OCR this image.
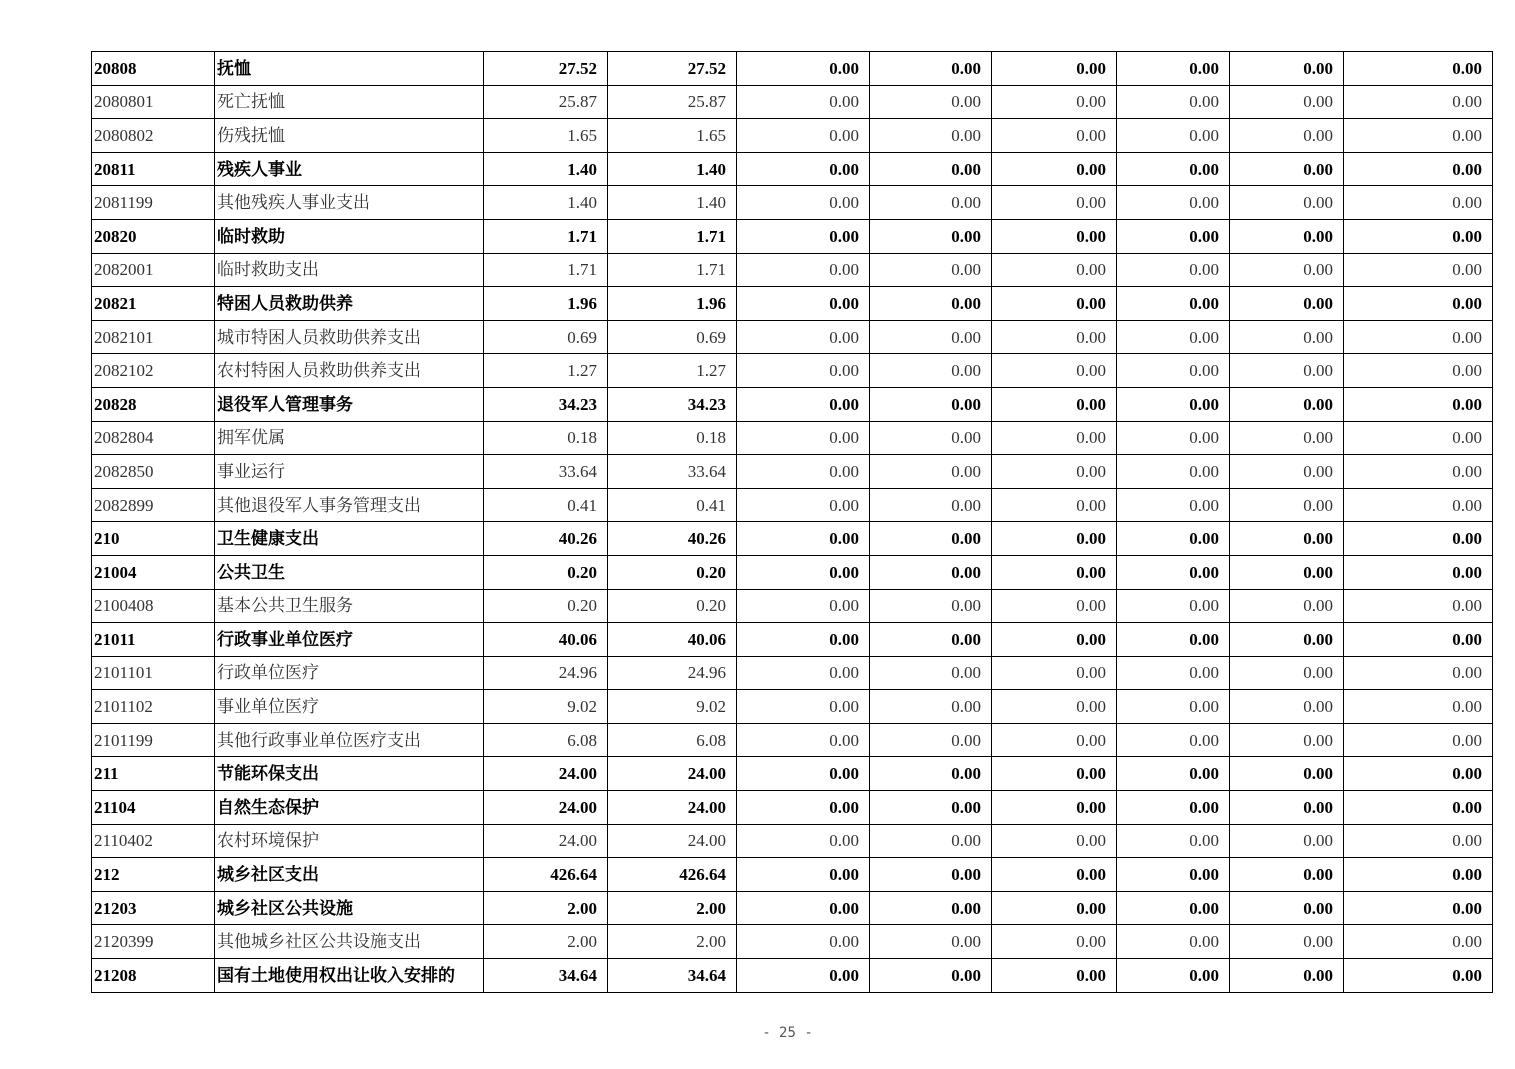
20808	抚恤	27.52	27.52	0.00	0.00	0.00	0.00	0.00	0.00
2080801	死亡抚恤	25.87	25.87	0.00	0.00	0.00	0.00	0.00	0.00
2080802	伤残抚恤	1.65	1.65	0.00	0.00	0.00	0.00	0.00	0.00
20811	残疾人事业	1.40	1.40	0.00	0.00	0.00	0.00	0.00	0.00
2081199	其他残疾人事业支出	1.40	1.40	0.00	0.00	0.00	0.00	0.00	0.00
20820	临时救助	1.71	1.71	0.00	0.00	0.00	0.00	0.00	0.00
2082001	临时救助支出	1.71	1.71	0.00	0.00	0.00	0.00	0.00	0.00
20821	特困人员救助供养	1.96	1.96	0.00	0.00	0.00	0.00	0.00	0.00
2082101	城市特困人员救助供养支出	0.69	0.69	0.00	0.00	0.00	0.00	0.00	0.00
2082102	农村特困人员救助供养支出	1.27	1.27	0.00	0.00	0.00	0.00	0.00	0.00
20828	退役军人管理事务	34.23	34.23	0.00	0.00	0.00	0.00	0.00	0.00
2082804	拥军优属	0.18	0.18	0.00	0.00	0.00	0.00	0.00	0.00
2082850	事业运行	33.64	33.64	0.00	0.00	0.00	0.00	0.00	0.00
2082899	其他退役军人事务管理支出	0.41	0.41	0.00	0.00	0.00	0.00	0.00	0.00
210	卫生健康支出	40.26	40.26	0.00	0.00	0.00	0.00	0.00	0.00
21004	公共卫生	0.20	0.20	0.00	0.00	0.00	0.00	0.00	0.00
2100408	基本公共卫生服务	0.20	0.20	0.00	0.00	0.00	0.00	0.00	0.00
21011	行政事业单位医疗	40.06	40.06	0.00	0.00	0.00	0.00	0.00	0.00
2101101	行政单位医疗	24.96	24.96	0.00	0.00	0.00	0.00	0.00	0.00
2101102	事业单位医疗	9.02	9.02	0.00	0.00	0.00	0.00	0.00	0.00
2101199	其他行政事业单位医疗支出	6.08	6.08	0.00	0.00	0.00	0.00	0.00	0.00
211	节能环保支出	24.00	24.00	0.00	0.00	0.00	0.00	0.00	0.00
21104	自然生态保护	24.00	24.00	0.00	0.00	0.00	0.00	0.00	0.00
2110402	农村环境保护	24.00	24.00	0.00	0.00	0.00	0.00	0.00	0.00
212	城乡社区支出	426.64	426.64	0.00	0.00	0.00	0.00	0.00	0.00
21203	城乡社区公共设施	2.00	2.00	0.00	0.00	0.00	0.00	0.00	0.00
2120399	其他城乡社区公共设施支出	2.00	2.00	0.00	0.00	0.00	0.00	0.00	0.00
21208	国有土地使用权出让收入安排的	34.64	34.64	0.00	0.00	0.00	0.00	0.00	0.00
- 25 -
